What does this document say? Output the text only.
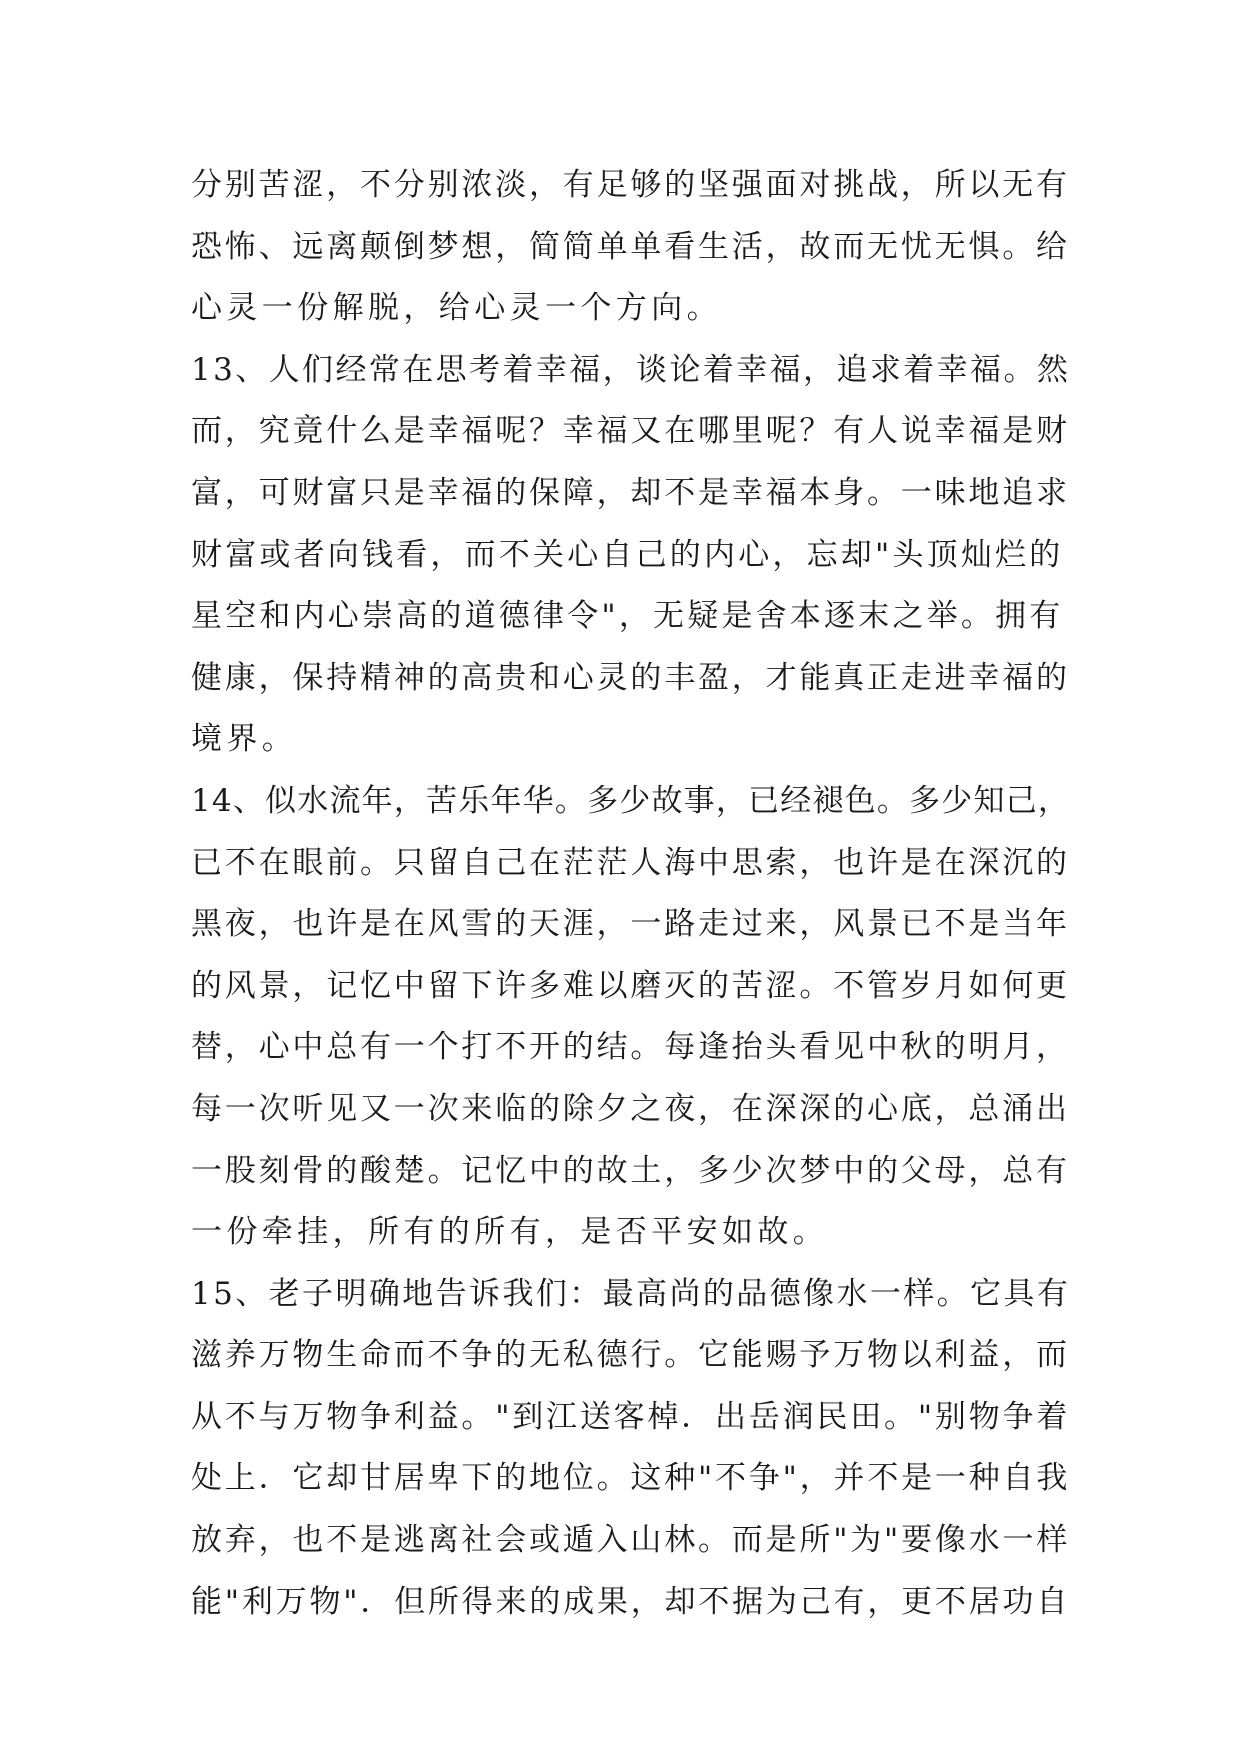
分别苦涩，不分别浓淡，有足够的坚强面对挑战，所以无有
恐怖、远离颠倒梦想，简简单单看生活，故而无忧无惧。给
心灵一份解脱，给心灵一个方向。
13、人们经常在思考着幸福，谈论着幸福，追求着幸福。然
而，究竟什么是幸福呢？幸福又在哪里呢？有人说幸福是财
富，可财富只是幸福的保障，却不是幸福本身。一味地追求
财富或者向钱看，而不关心自己的内心，忘却"头顶灿烂的
星空和内心崇高的道德律令"，无疑是舍本逐末之举。拥有
健康，保持精神的高贵和心灵的丰盈，才能真正走进幸福的
境界。
14、似水流年，苦乐年华。多少故事，已经褪色。多少知己，
已不在眼前。只留自己在茫茫人海中思索，也许是在深沉的
黑夜，也许是在风雪的天涯，一路走过来，风景已不是当年
的风景，记忆中留下许多难以磨灭的苦涩。不管岁月如何更
替，心中总有一个打不开的结。每逢抬头看见中秋的明月，
每一次听见又一次来临的除夕之夜，在深深的心底，总涌出
一股刻骨的酸楚。记忆中的故土，多少次梦中的父母，总有
一份牵挂，所有的所有，是否平安如故。
15、老子明确地告诉我们：最高尚的品德像水一样。它具有
滋养万物生命而不争的无私德行。它能赐予万物以利益，而
从不与万物争利益。"到江送客棹．出岳润民田。"别物争着
处上．它却甘居卑下的地位。这种"不争"，并不是一种自我
放弃，也不是逃离社会或遁入山林。而是所"为"要像水一样
能"利万物"．但所得来的成果，却不据为己有，更不居功自
